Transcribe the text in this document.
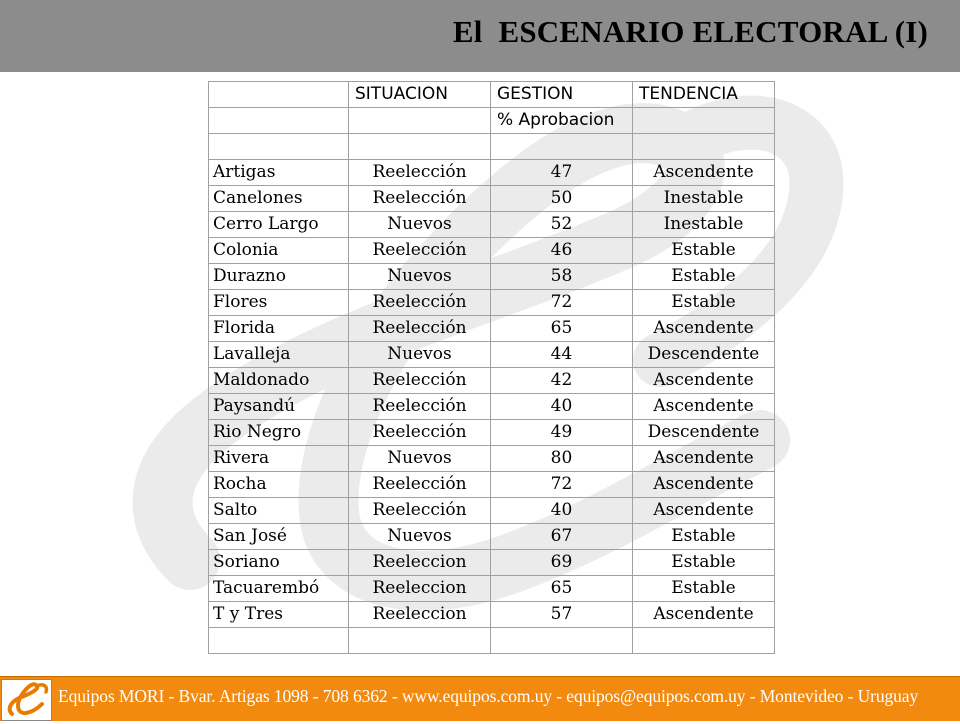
El  ESCENARIO ELECTORAL (I)
	SITUACION	GESTION	TENDENCIA
		% Aprobacion	

Artigas	Reelección	47	Ascendente
Canelones	Reelección	50	Inestable
Cerro Largo	Nuevos	52	Inestable
Colonia	Reelección	46	Estable
Durazno	Nuevos	58	Estable
Flores	Reelección	72	Estable
Florida	Reelección	65	Ascendente
Lavalleja	Nuevos	44	Descendente
Maldonado	Reelección	42	Ascendente
Paysandú	Reelección	40	Ascendente
Rio Negro	Reelección	49	Descendente
Rivera	Nuevos	80	Ascendente
Rocha	Reelección	72	Ascendente
Salto	Reelección	40	Ascendente
San José	Nuevos	67	Estable
Soriano	Reeleccion	69	Estable
Tacuarembó	Reeleccion	65	Estable
T y Tres	Reeleccion	57	Ascendente

Equipos MORI - Bvar. Artigas 1098 - 708 6362 - www.equipos.com.uy - equipos@equipos.com.uy - Montevideo - Uruguay
